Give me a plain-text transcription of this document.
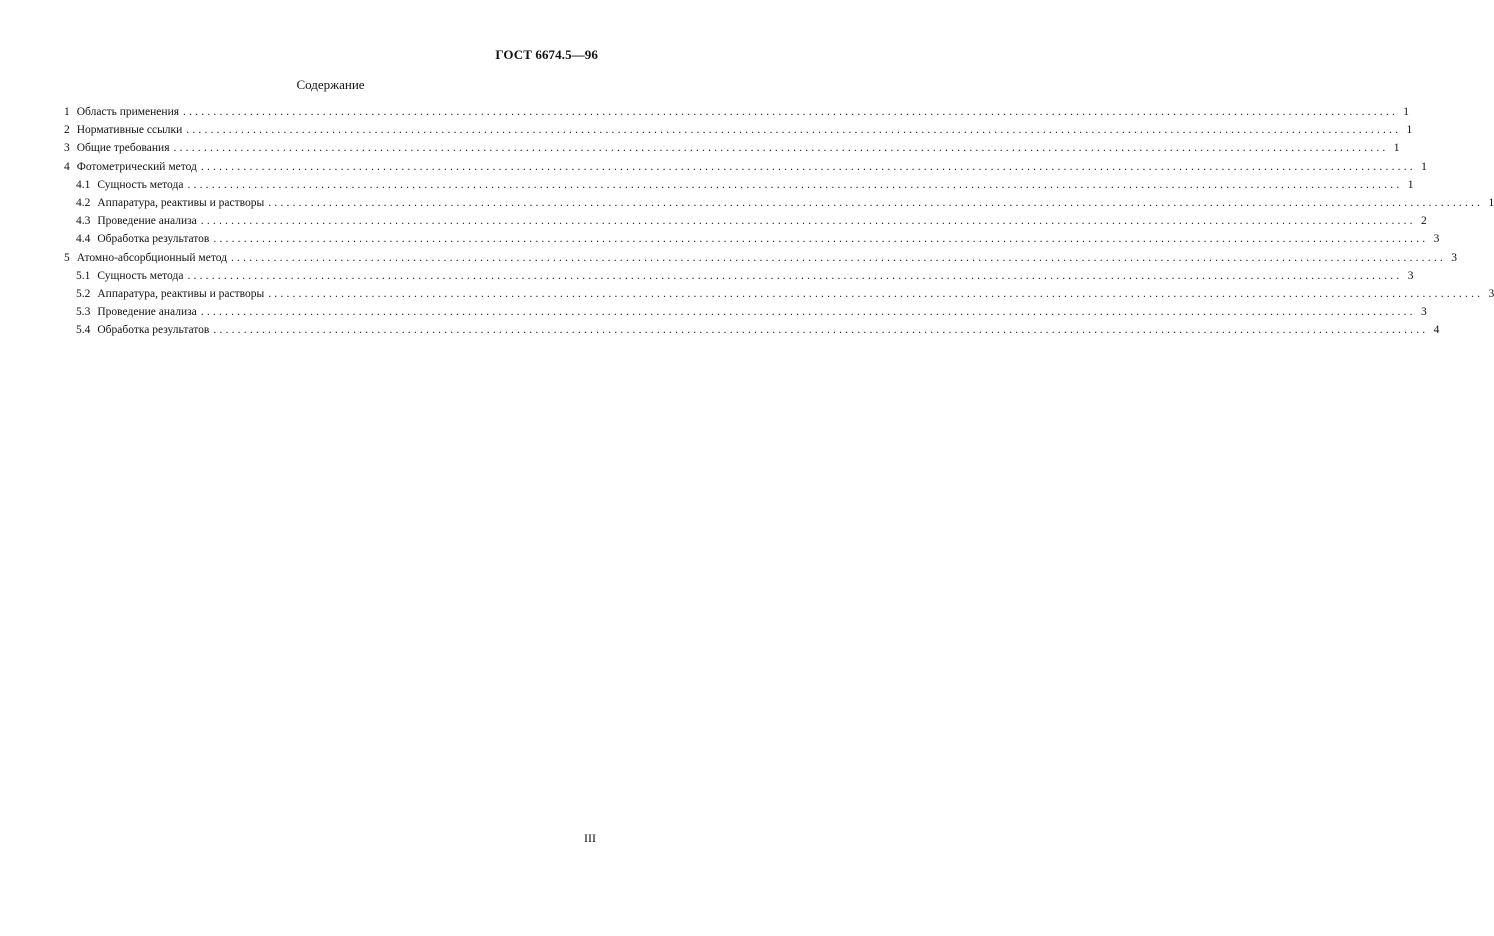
ГОСТ 6674.5—96
Содержание
1 Область применения ........................................................................................................................................................................................................ 1
2 Нормативные ссылки ........................................................................................................................................................................................................ 1
3 Общие требования ........................................................................................................................................................................................................ 1
4 Фотометрический метод ........................................................................................................................................................................................................ 1
4.1 Сущность метода ........................................................................................................................................................................................................ 1
4.2 Аппаратура, реактивы и растворы ........................................................................................................................................................................................................ 1
4.3 Проведение анализа ........................................................................................................................................................................................................ 2
4.4 Обработка результатов ........................................................................................................................................................................................................ 3
5 Атомно-абсорбционный метод ........................................................................................................................................................................................................ 3
5.1 Сущность метода ........................................................................................................................................................................................................ 3
5.2 Аппаратура, реактивы и растворы ........................................................................................................................................................................................................ 3
5.3 Проведение анализа ........................................................................................................................................................................................................ 3
5.4 Обработка результатов ........................................................................................................................................................................................................ 4
III
